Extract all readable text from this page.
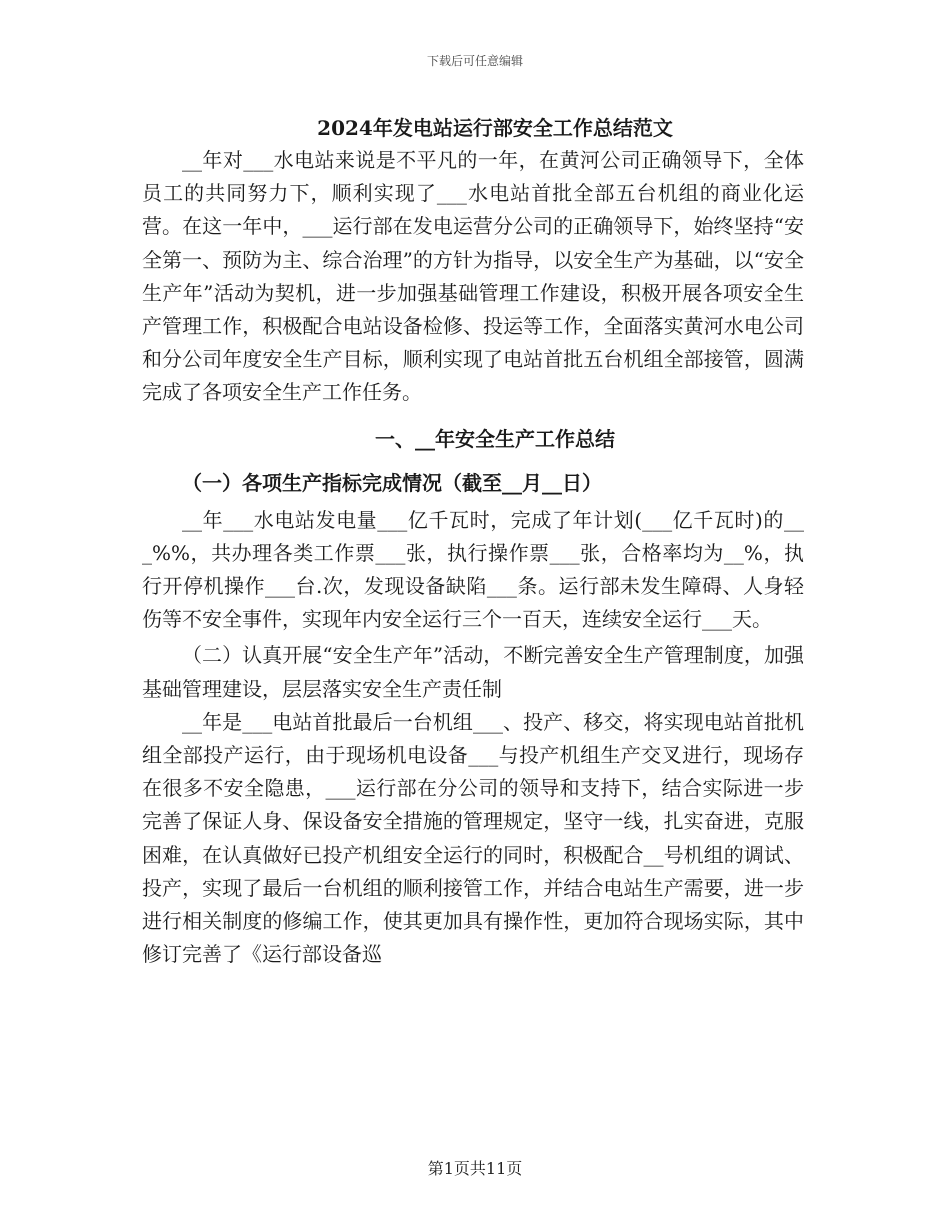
下载后可任意编辑
2024年发电站运行部安全工作总结范文

__年对___水电站来说是不平凡的一年，在黄河公司正确领导下，全体员工的共同努力下，顺利实现了___水电站首批全部五台机组的商业化运营。在这一年中，___运行部在发电运营分公司的正确领导下，始终坚持“安全第一、预防为主、综合治理”的方针为指导，以安全生产为基础，以“安全生产年”活动为契机，进一步加强基础管理工作建设，积极开展各项安全生产管理工作，积极配合电站设备检修、投运等工作，全面落实黄河水电公司和分公司年度安全生产目标，顺利实现了电站首批五台机组全部接管，圆满完成了各项安全生产工作任务。

一、__年安全生产工作总结
（一）各项生产指标完成情况（截至__月__日）

__年___水电站发电量___亿千瓦时，完成了年计划(___亿千瓦时)的___%%，共办理各类工作票___张，执行操作票___张，合格率均为__%，执行开停机操作___台.次，发现设备缺陷___条。运行部未发生障碍、人身轻伤等不安全事件，实现年内安全运行三个一百天，连续安全运行___天。

（二）认真开展“安全生产年”活动，不断完善安全生产管理制度，加强基础管理建设，层层落实安全生产责任制

__年是___电站首批最后一台机组___、投产、移交，将实现电站首批机组全部投产运行，由于现场机电设备___与投产机组生产交叉进行，现场存在很多不安全隐患，___运行部在分公司的领导和支持下，结合实际进一步完善了保证人身、保设备安全措施的管理规定，坚守一线，扎实奋进，克服困难，在认真做好已投产机组安全运行的同时，积极配合__号机组的调试、投产，实现了最后一台机组的顺利接管工作，并结合电站生产需要，进一步进行相关制度的修编工作，使其更加具有操作性，更加符合现场实际，其中修订完善了《运行部设备巡

第1页共11页
